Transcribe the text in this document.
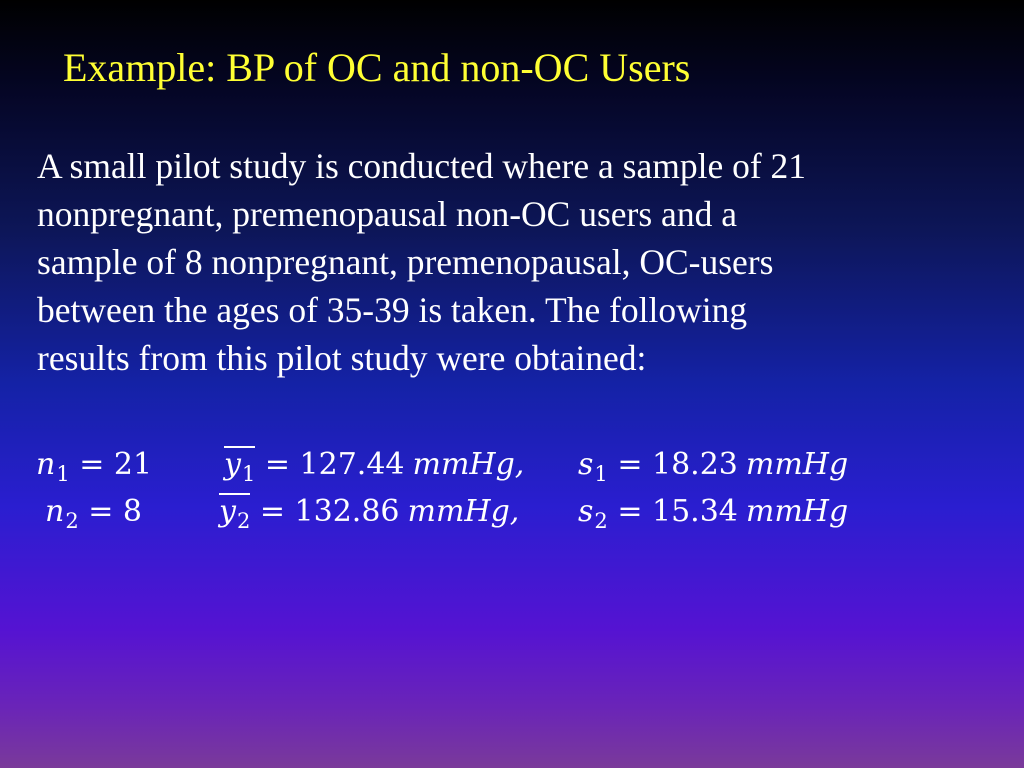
Example: BP of OC and non-OC Users

A small pilot study is conducted where a sample of 21
nonpregnant, premenopausal non-OC users and a
sample of 8 nonpregnant, premenopausal, OC-users
between the ages of 35-39 is taken. The following
results from this pilot study were obtained:

$n_1 = 21$ $y_1 = 127.44$ mmHg, $s_1 = 18.23$ mmHg
$n_2 = 8$	$y_2 = 132.86$ mmHg, $s_2 = 15.34$ mmHg
